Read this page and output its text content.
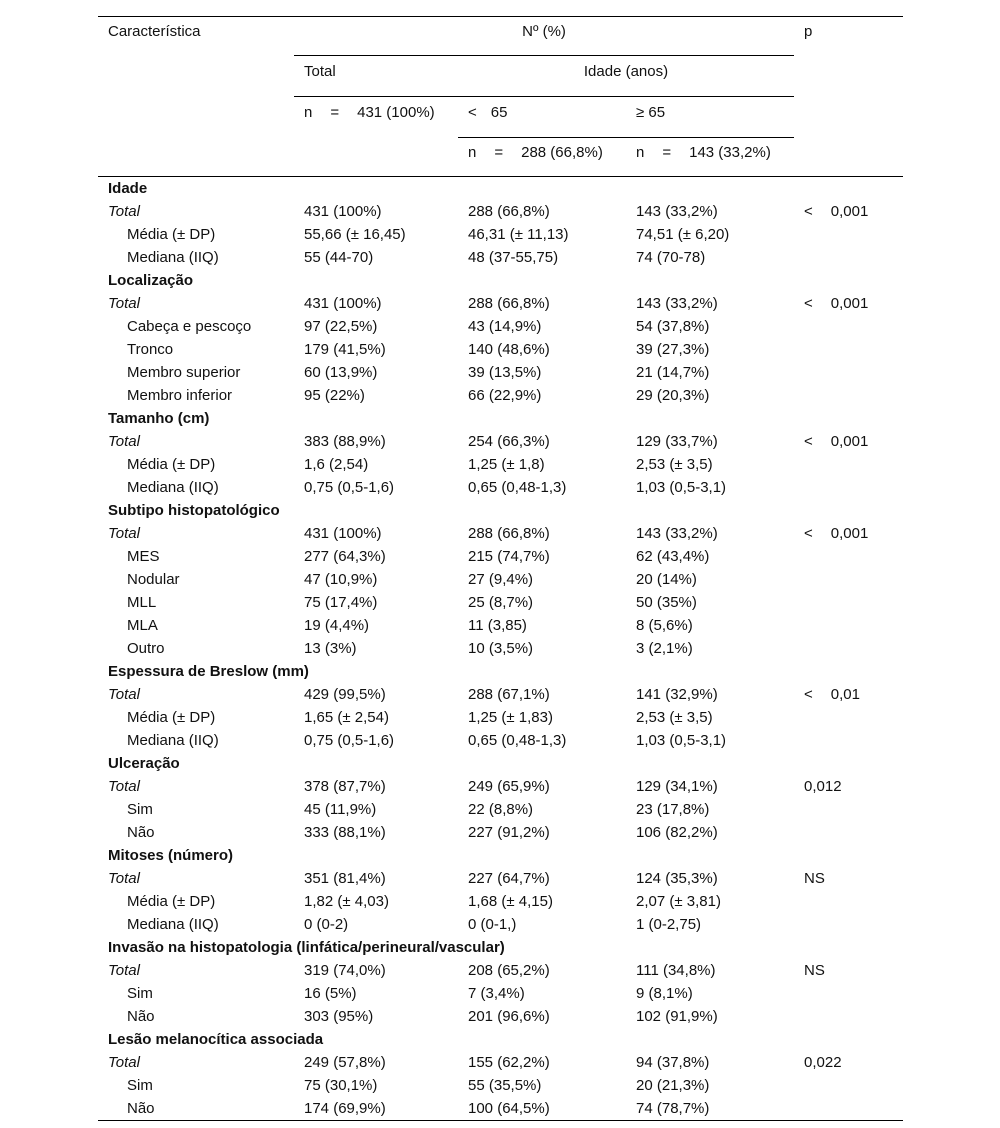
Característica	Nº (%)			p
	Total	Idade (anos)		
	n = 431 (100%)	< 65	≥ 65	
		n = 288 (66,8%)	n = 143 (33,2%)	
Idade				
Total	431 (100%)	288 (66,8%)	143 (33,2%)	< 0,001
Média (± DP)	55,66 (± 16,45)	46,31 (± 11,13)	74,51 (± 6,20)	
Mediana (IIQ)	55 (44-70)	48 (37-55,75)	74 (70-78)	
Localização				
Total	431 (100%)	288 (66,8%)	143 (33,2%)	< 0,001
Cabeça e pescoço	97 (22,5%)	43 (14,9%)	54 (37,8%)	
Tronco	179 (41,5%)	140 (48,6%)	39 (27,3%)	
Membro superior	60 (13,9%)	39 (13,5%)	21 (14,7%)	
Membro inferior	95 (22%)	66 (22,9%)	29 (20,3%)	
Tamanho (cm)				
Total	383 (88,9%)	254 (66,3%)	129 (33,7%)	< 0,001
Média (± DP)	1,6 (2,54)	1,25 (± 1,8)	2,53 (± 3,5)	
Mediana (IIQ)	0,75 (0,5-1,6)	0,65 (0,48-1,3)	1,03 (0,5-3,1)	
Subtipo histopatológico				
Total	431 (100%)	288 (66,8%)	143 (33,2%)	< 0,001
MES	277 (64,3%)	215 (74,7%)	62 (43,4%)	
Nodular	47 (10,9%)	27 (9,4%)	20 (14%)	
MLL	75 (17,4%)	25 (8,7%)	50 (35%)	
MLA	19 (4,4%)	11 (3,85)	8 (5,6%)	
Outro	13 (3%)	10 (3,5%)	3 (2,1%)	
Espessura de Breslow (mm)				
Total	429 (99,5%)	288 (67,1%)	141 (32,9%)	< 0,01
Média (± DP)	1,65 (± 2,54)	1,25 (± 1,83)	2,53 (± 3,5)	
Mediana (IIQ)	0,75 (0,5-1,6)	0,65 (0,48-1,3)	1,03 (0,5-3,1)	
Ulceração				
Total	378 (87,7%)	249 (65,9%)	129 (34,1%)	0,012
Sim	45 (11,9%)	22 (8,8%)	23 (17,8%)	
Não	333 (88,1%)	227 (91,2%)	106 (82,2%)	
Mitoses (número)				
Total	351 (81,4%)	227 (64,7%)	124 (35,3%)	NS
Média (± DP)	1,82 (± 4,03)	1,68 (± 4,15)	2,07 (± 3,81)	
Mediana (IIQ)	0 (0-2)	0 (0-1,)	1 (0-2,75)	
Invasão na histopatologia (linfática/perineural/vascular)				
Total	319 (74,0%)	208 (65,2%)	111 (34,8%)	NS
Sim	16 (5%)	7 (3,4%)	9 (8,1%)	
Não	303 (95%)	201 (96,6%)	102 (91,9%)	
Lesão melanocítica associada				
Total	249 (57,8%)	155 (62,2%)	94 (37,8%)	0,022
Sim	75 (30,1%)	55 (35,5%)	20 (21,3%)	
Não	174 (69,9%)	100 (64,5%)	74 (78,7%)	
